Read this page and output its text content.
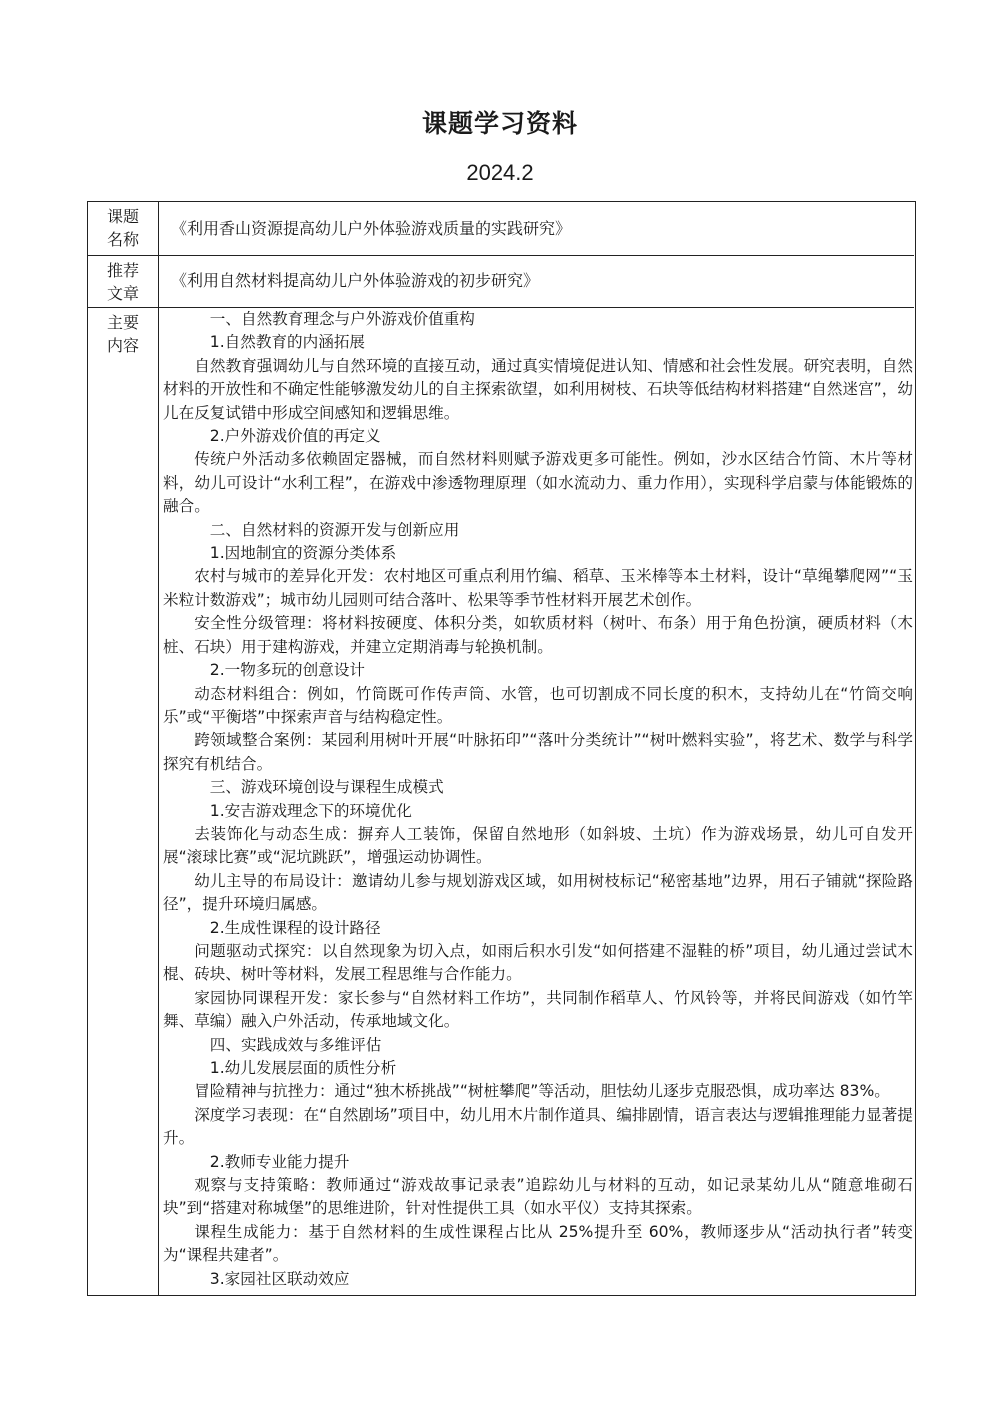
课题学习资料
2024.2
课题
名称
《利用香山资源提高幼儿户外体验游戏质量的实践研究》
推荐
文章
《利用自然材料提高幼儿户外体验游戏的初步研究》
主要
内容

一、自然教育理念与户外游戏价值重构

1.自然教育的内涵拓展

自然教育强调幼儿与自然环境的直接互动，通过真实情境促进认知、情感和社会性发展。研究表明，自然材料的开放性和不确定性能够激发幼儿的自主探索欲望，如利用树枝、石块等低结构材料搭建“自然迷宫”，幼儿在反复试错中形成空间感知和逻辑思维。

2.户外游戏价值的再定义

传统户外活动多依赖固定器械，而自然材料则赋予游戏更多可能性。例如，沙水区结合竹筒、木片等材料，幼儿可设计“水利工程”，在游戏中渗透物理原理（如水流动力、重力作用），实现科学启蒙与体能锻炼的融合。

二、自然材料的资源开发与创新应用

1.因地制宜的资源分类体系

农村与城市的差异化开发：农村地区可重点利用竹编、稻草、玉米棒等本土材料，设计“草绳攀爬网”“玉米粒计数游戏”；城市幼儿园则可结合落叶、松果等季节性材料开展艺术创作。

安全性分级管理：将材料按硬度、体积分类，如软质材料（树叶、布条）用于角色扮演，硬质材料（木桩、石块）用于建构游戏，并建立定期消毒与轮换机制。

2.一物多玩的创意设计

动态材料组合：例如，竹筒既可作传声筒、水管，也可切割成不同长度的积木，支持幼儿在“竹筒交响乐”或“平衡塔”中探索声音与结构稳定性。

跨领域整合案例：某园利用树叶开展“叶脉拓印”“落叶分类统计”“树叶燃料实验”，将艺术、数学与科学探究有机结合。

三、游戏环境创设与课程生成模式

1.安吉游戏理念下的环境优化

去装饰化与动态生成：摒弃人工装饰，保留自然地形（如斜坡、土坑）作为游戏场景，幼儿可自发开展“滚球比赛”或“泥坑跳跃”，增强运动协调性。

幼儿主导的布局设计：邀请幼儿参与规划游戏区域，如用树枝标记“秘密基地”边界，用石子铺就“探险路径”，提升环境归属感。

2.生成性课程的设计路径

问题驱动式探究：以自然现象为切入点，如雨后积水引发“如何搭建不湿鞋的桥”项目，幼儿通过尝试木棍、砖块、树叶等材料，发展工程思维与合作能力。

家园协同课程开发：家长参与“自然材料工作坊”，共同制作稻草人、竹风铃等，并将民间游戏（如竹竿舞、草编）融入户外活动，传承地域文化。

四、实践成效与多维评估

1.幼儿发展层面的质性分析

冒险精神与抗挫力：通过“独木桥挑战”“树桩攀爬”等活动，胆怯幼儿逐步克服恐惧，成功率达 83%。

深度学习表现：在“自然剧场”项目中，幼儿用木片制作道具、编排剧情，语言表达与逻辑推理能力显著提升。

2.教师专业能力提升

观察与支持策略：教师通过“游戏故事记录表”追踪幼儿与材料的互动，如记录某幼儿从“随意堆砌石块”到“搭建对称城堡”的思维进阶，针对性提供工具（如水平仪）支持其探索。

课程生成能力：基于自然材料的生成性课程占比从 25%提升至 60%，教师逐步从“活动执行者”转变为“课程共建者”。

3.家园社区联动效应
